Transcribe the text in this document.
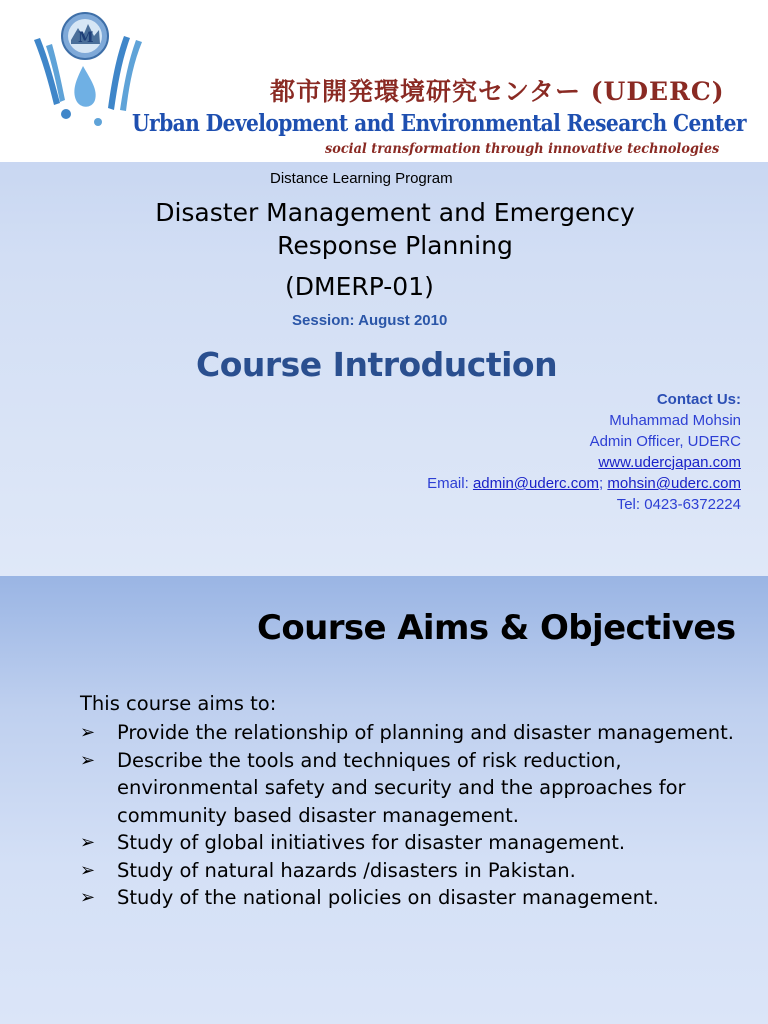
M
都市開発環境研究センター (UDERC)
Urban Development and Environmental Research Center
social transformation through innovative technologies
Distance Learning Program
Disaster Management and Emergency
Response Planning
(DMERP-01)
Session: August 2010
Course Introduction
Contact Us:
Muhammad Mohsin
Admin Officer, UDERC
www.udercjapan.com
Email: admin@uderc.com; mohsin@uderc.com
Tel: 0423-6372224
Course Aims & Objectives
This course aims to:
➢ Provide the relationship of planning and disaster management.
➢ Describe the tools and techniques of risk reduction, environmental safety and security and the approaches for community based disaster management.
➢ Study of global initiatives for disaster management.
➢ Study of natural hazards /disasters in Pakistan.
➢ Study of the national policies on disaster management.
